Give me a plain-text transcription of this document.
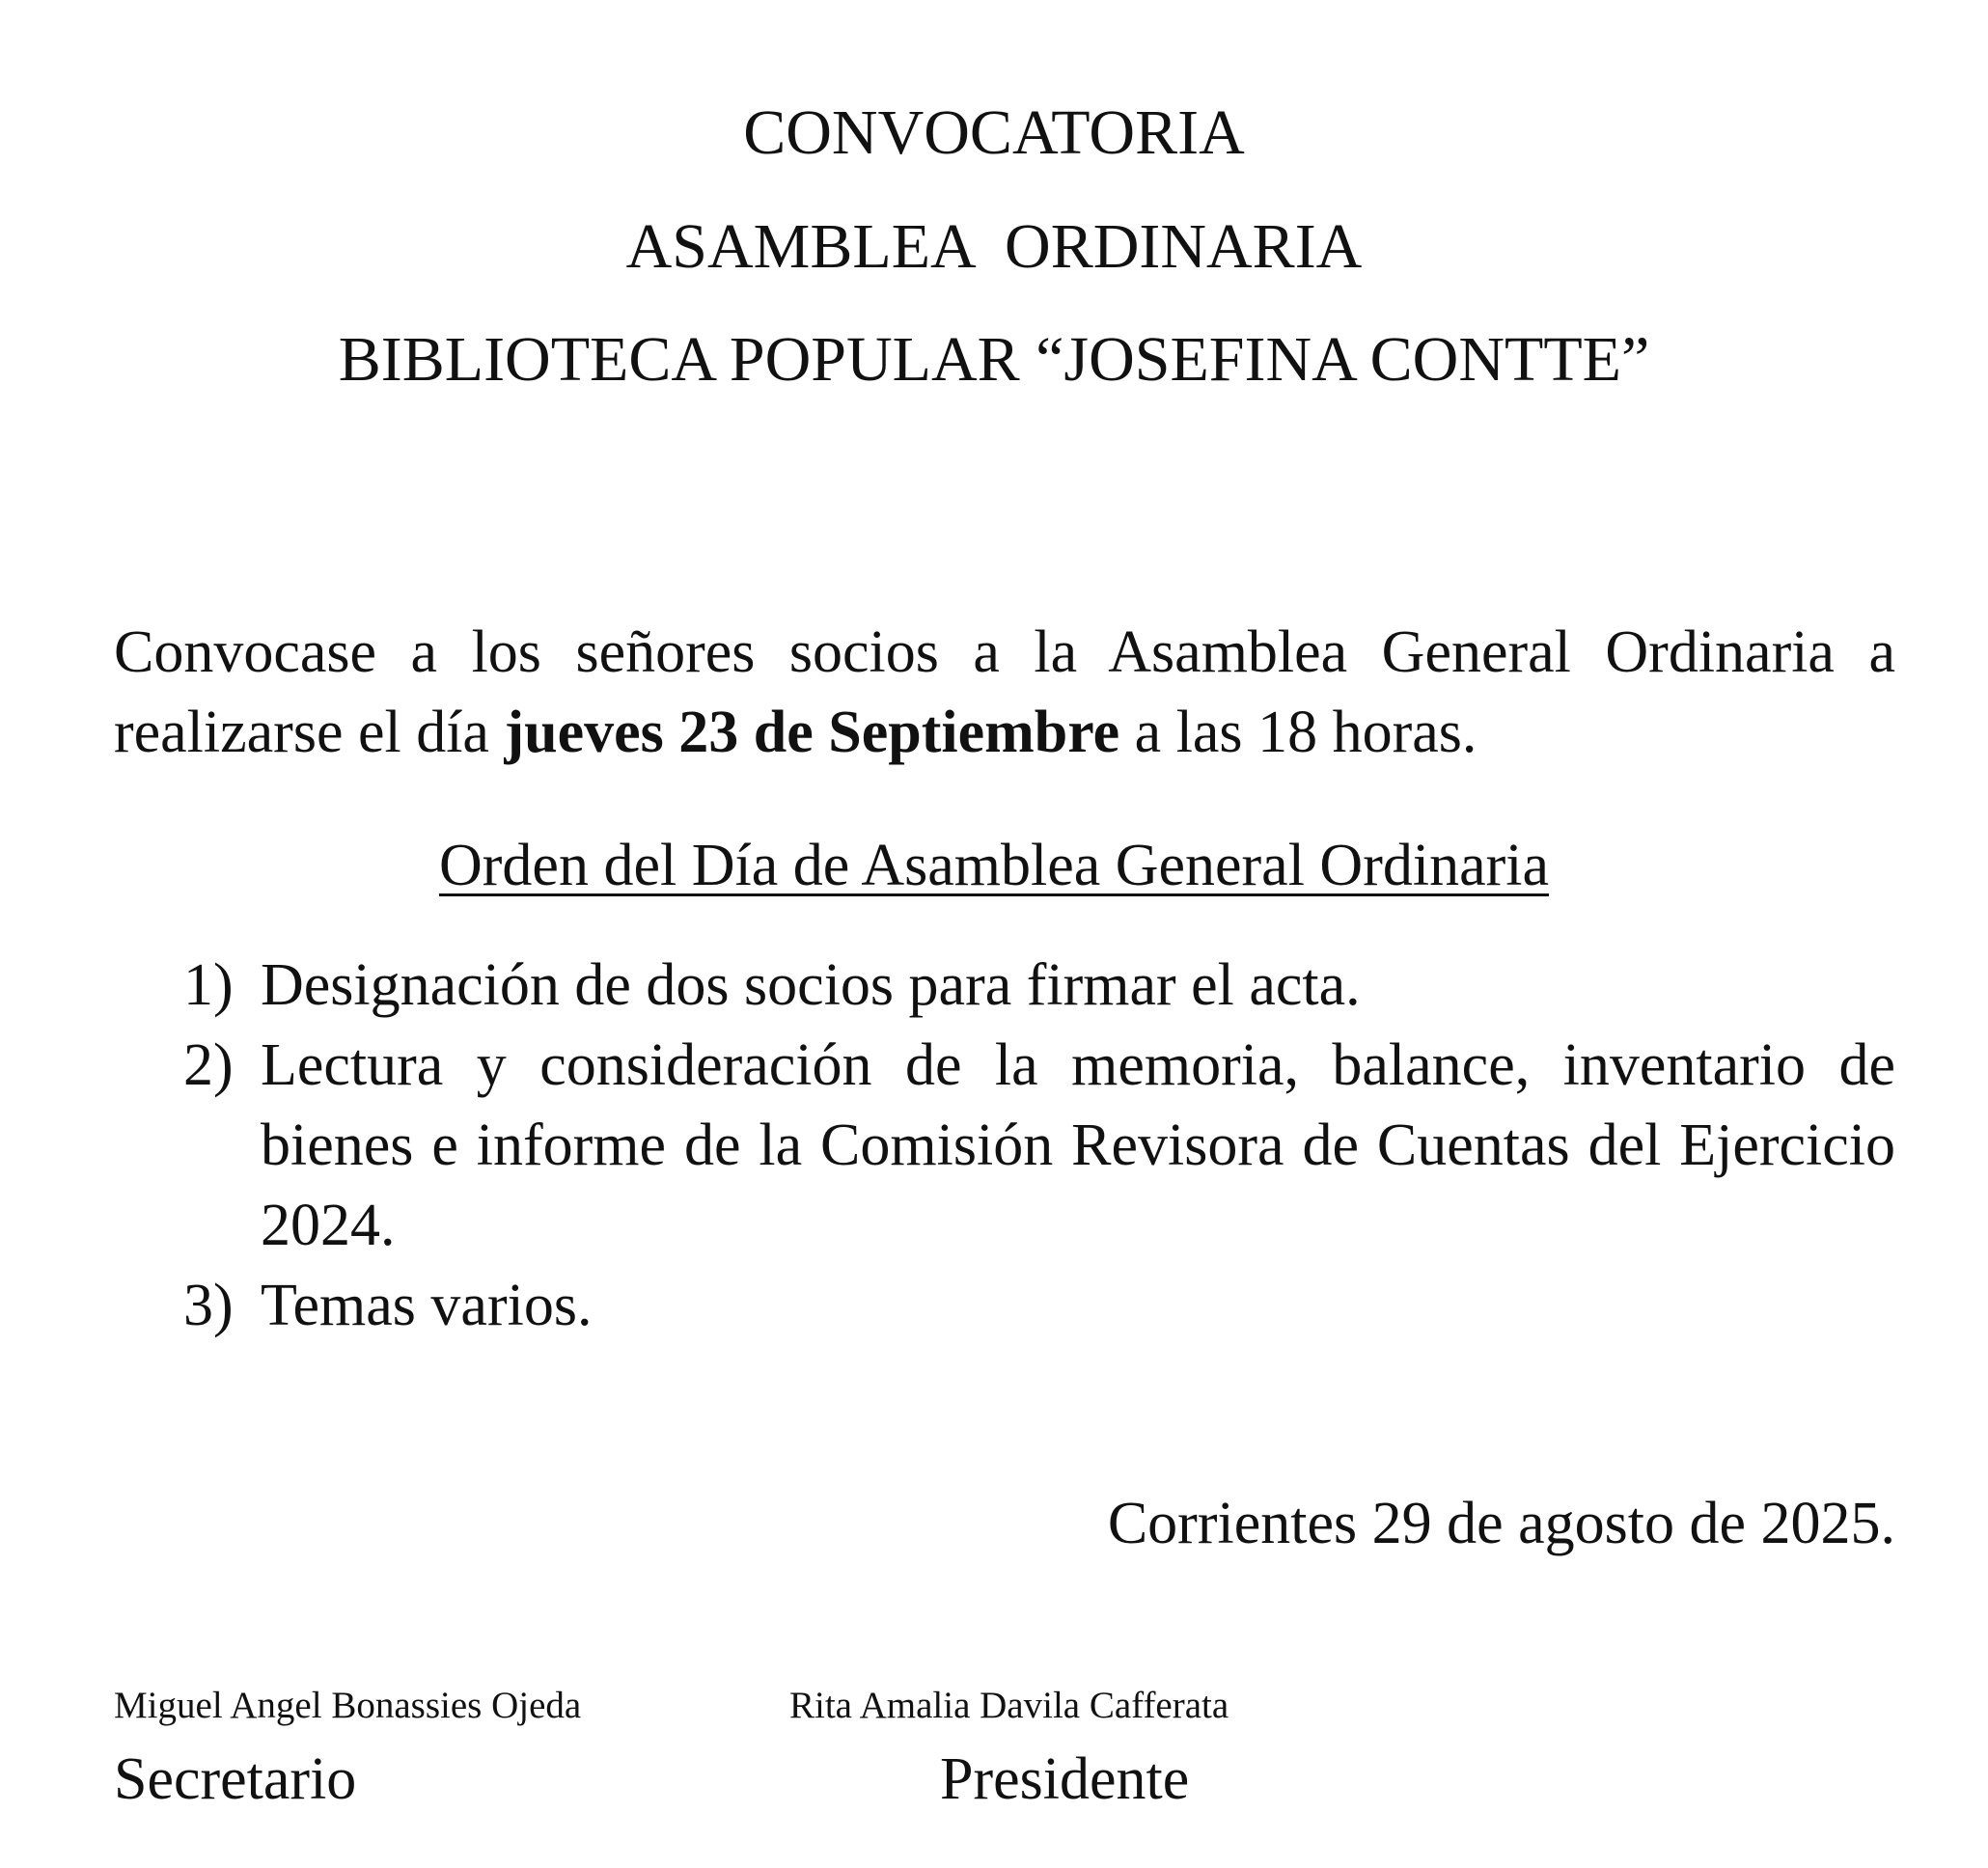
CONVOCATORIA
ASAMBLEA  ORDINARIA
BIBLIOTECA POPULAR “JOSEFINA CONTTE”

Convocase a los señores socios a la Asamblea General Ordinaria a realizarse el día jueves 23 de Septiembre a las 18 horas.

Orden del Día de Asamblea General Ordinaria
1) Designación de dos socios para firmar el acta.
2) Lectura y consideración de la memoria, balance, inventario de bienes e informe de la Comisión Revisora de Cuentas del Ejercicio 2024.
3) Temas varios.
Corrientes 29 de agosto de 2025.
Miguel Angel Bonassies Ojeda
Secretario
Rita Amalia Davila Cafferata
Presidente
